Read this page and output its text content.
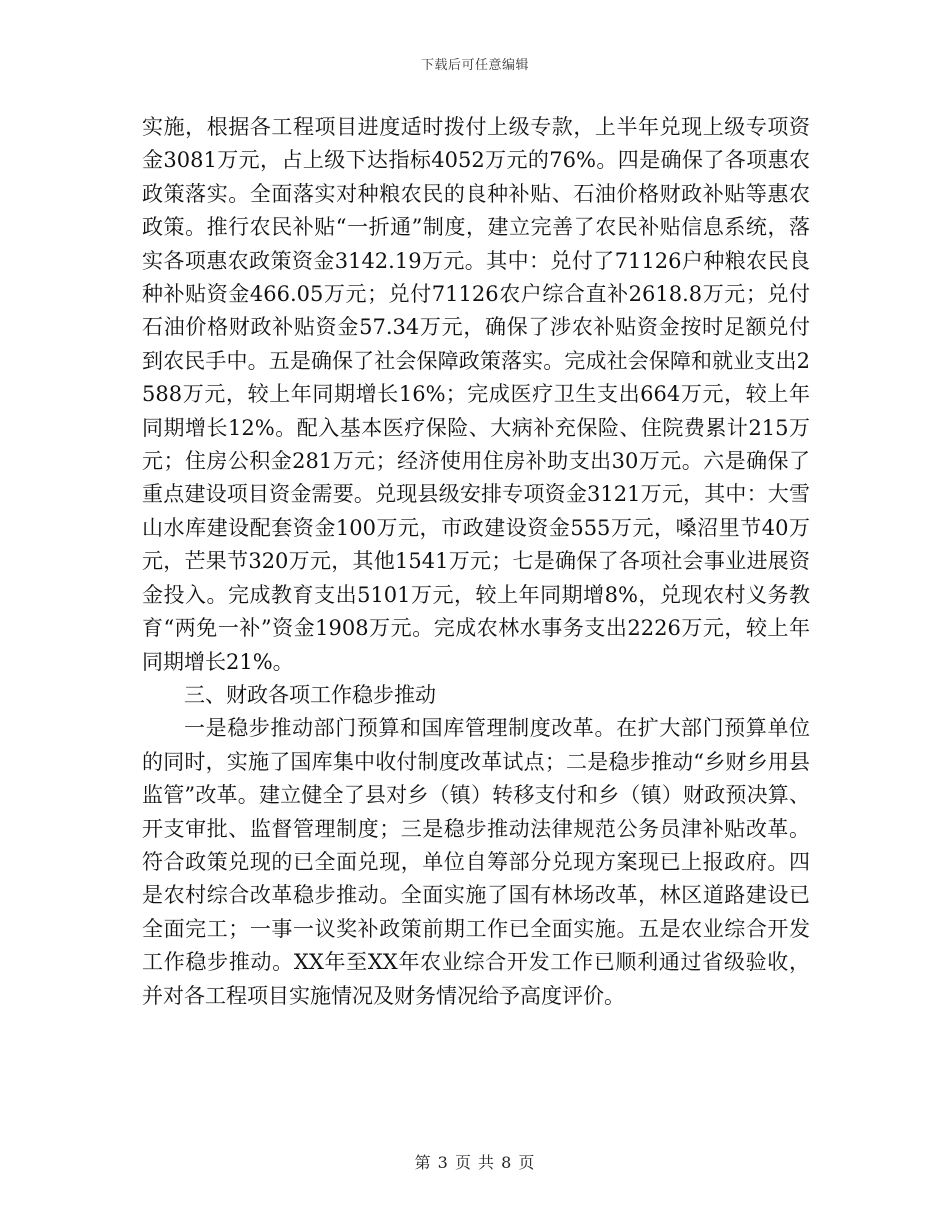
下载后可任意编辑

实施，根据各工程项目进度适时拨付上级专款，上半年兑现上级专项资金3081万元，占上级下达指标4052万元的76%。四是确保了各项惠农政策落实。全面落实对种粮农民的良种补贴、石油价格财政补贴等惠农政策。推行农民补贴“一折通”制度，建立完善了农民补贴信息系统，落实各项惠农政策资金3142.19万元。其中：兑付了71126户种粮农民良种补贴资金466.05万元；兑付71126农户综合直补2618.8万元；兑付石油价格财政补贴资金57.34万元，确保了涉农补贴资金按时足额兑付到农民手中。五是确保了社会保障政策落实。完成社会保障和就业支出2588万元，较上年同期增长16%；完成医疗卫生支出664万元，较上年同期增长12%。配入基本医疗保险、大病补充保险、住院费累计215万元；住房公积金281万元；经济使用住房补助支出30万元。六是确保了重点建设项目资金需要。兑现县级安排专项资金3121万元，其中：大雪山水库建设配套资金100万元，市政建设资金555万元，嗓沼里节40万元，芒果节320万元，其他1541万元；七是确保了各项社会事业进展资金投入。完成教育支出5101万元，较上年同期增8%，兑现农村义务教育“两免一补”资金1908万元。完成农林水事务支出2226万元，较上年同期增长21%。

三、财政各项工作稳步推动

一是稳步推动部门预算和国库管理制度改革。在扩大部门预算单位的同时，实施了国库集中收付制度改革试点；二是稳步推动“乡财乡用县监管”改革。建立健全了县对乡（镇）转移支付和乡（镇）财政预决算、开支审批、监督管理制度；三是稳步推动法律规范公务员津补贴改革。符合政策兑现的已全面兑现，单位自筹部分兑现方案现已上报政府。四是农村综合改革稳步推动。全面实施了国有林场改革，林区道路建设已全面完工；一事一议奖补政策前期工作已全面实施。五是农业综合开发工作稳步推动。XX年至XX年农业综合开发工作已顺利通过省级验收，并对各工程项目实施情况及财务情况给予高度评价。

第 3 页 共 8 页
